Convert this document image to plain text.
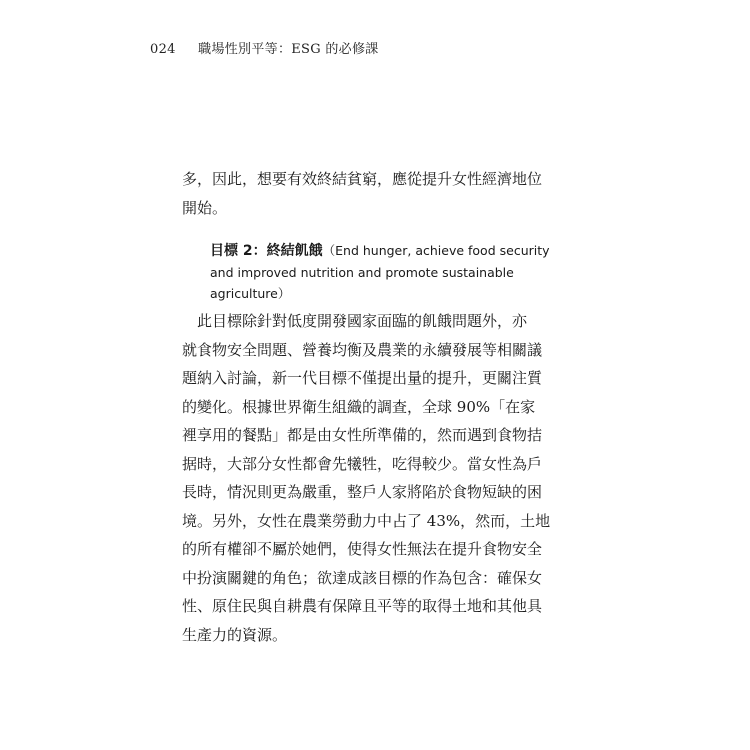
024 職場性別平等：ESG 的必修課
多，因此，想要有效終結貧窮，應從提升女性經濟地位
開始。
目標 2：終結飢餓（End hunger, achieve food security
and improved nutrition and promote sustainable
agriculture）
　此目標除針對低度開發國家面臨的飢餓問題外，亦
就食物安全問題、營養均衡及農業的永續發展等相關議
題納入討論，新一代目標不僅提出量的提升，更關注質
的變化。根據世界衛生組織的調查，全球 90%「在家
裡享用的餐點」都是由女性所準備的，然而遇到食物拮
据時，大部分女性都會先犧牲，吃得較少。當女性為戶
長時，情況則更為嚴重，整戶人家將陷於食物短缺的困
境。另外，女性在農業勞動力中占了 43%，然而，土地
的所有權卻不屬於她們，使得女性無法在提升食物安全
中扮演關鍵的角色；欲達成該目標的作為包含：確保女
性、原住民與自耕農有保障且平等的取得土地和其他具
生產力的資源。
